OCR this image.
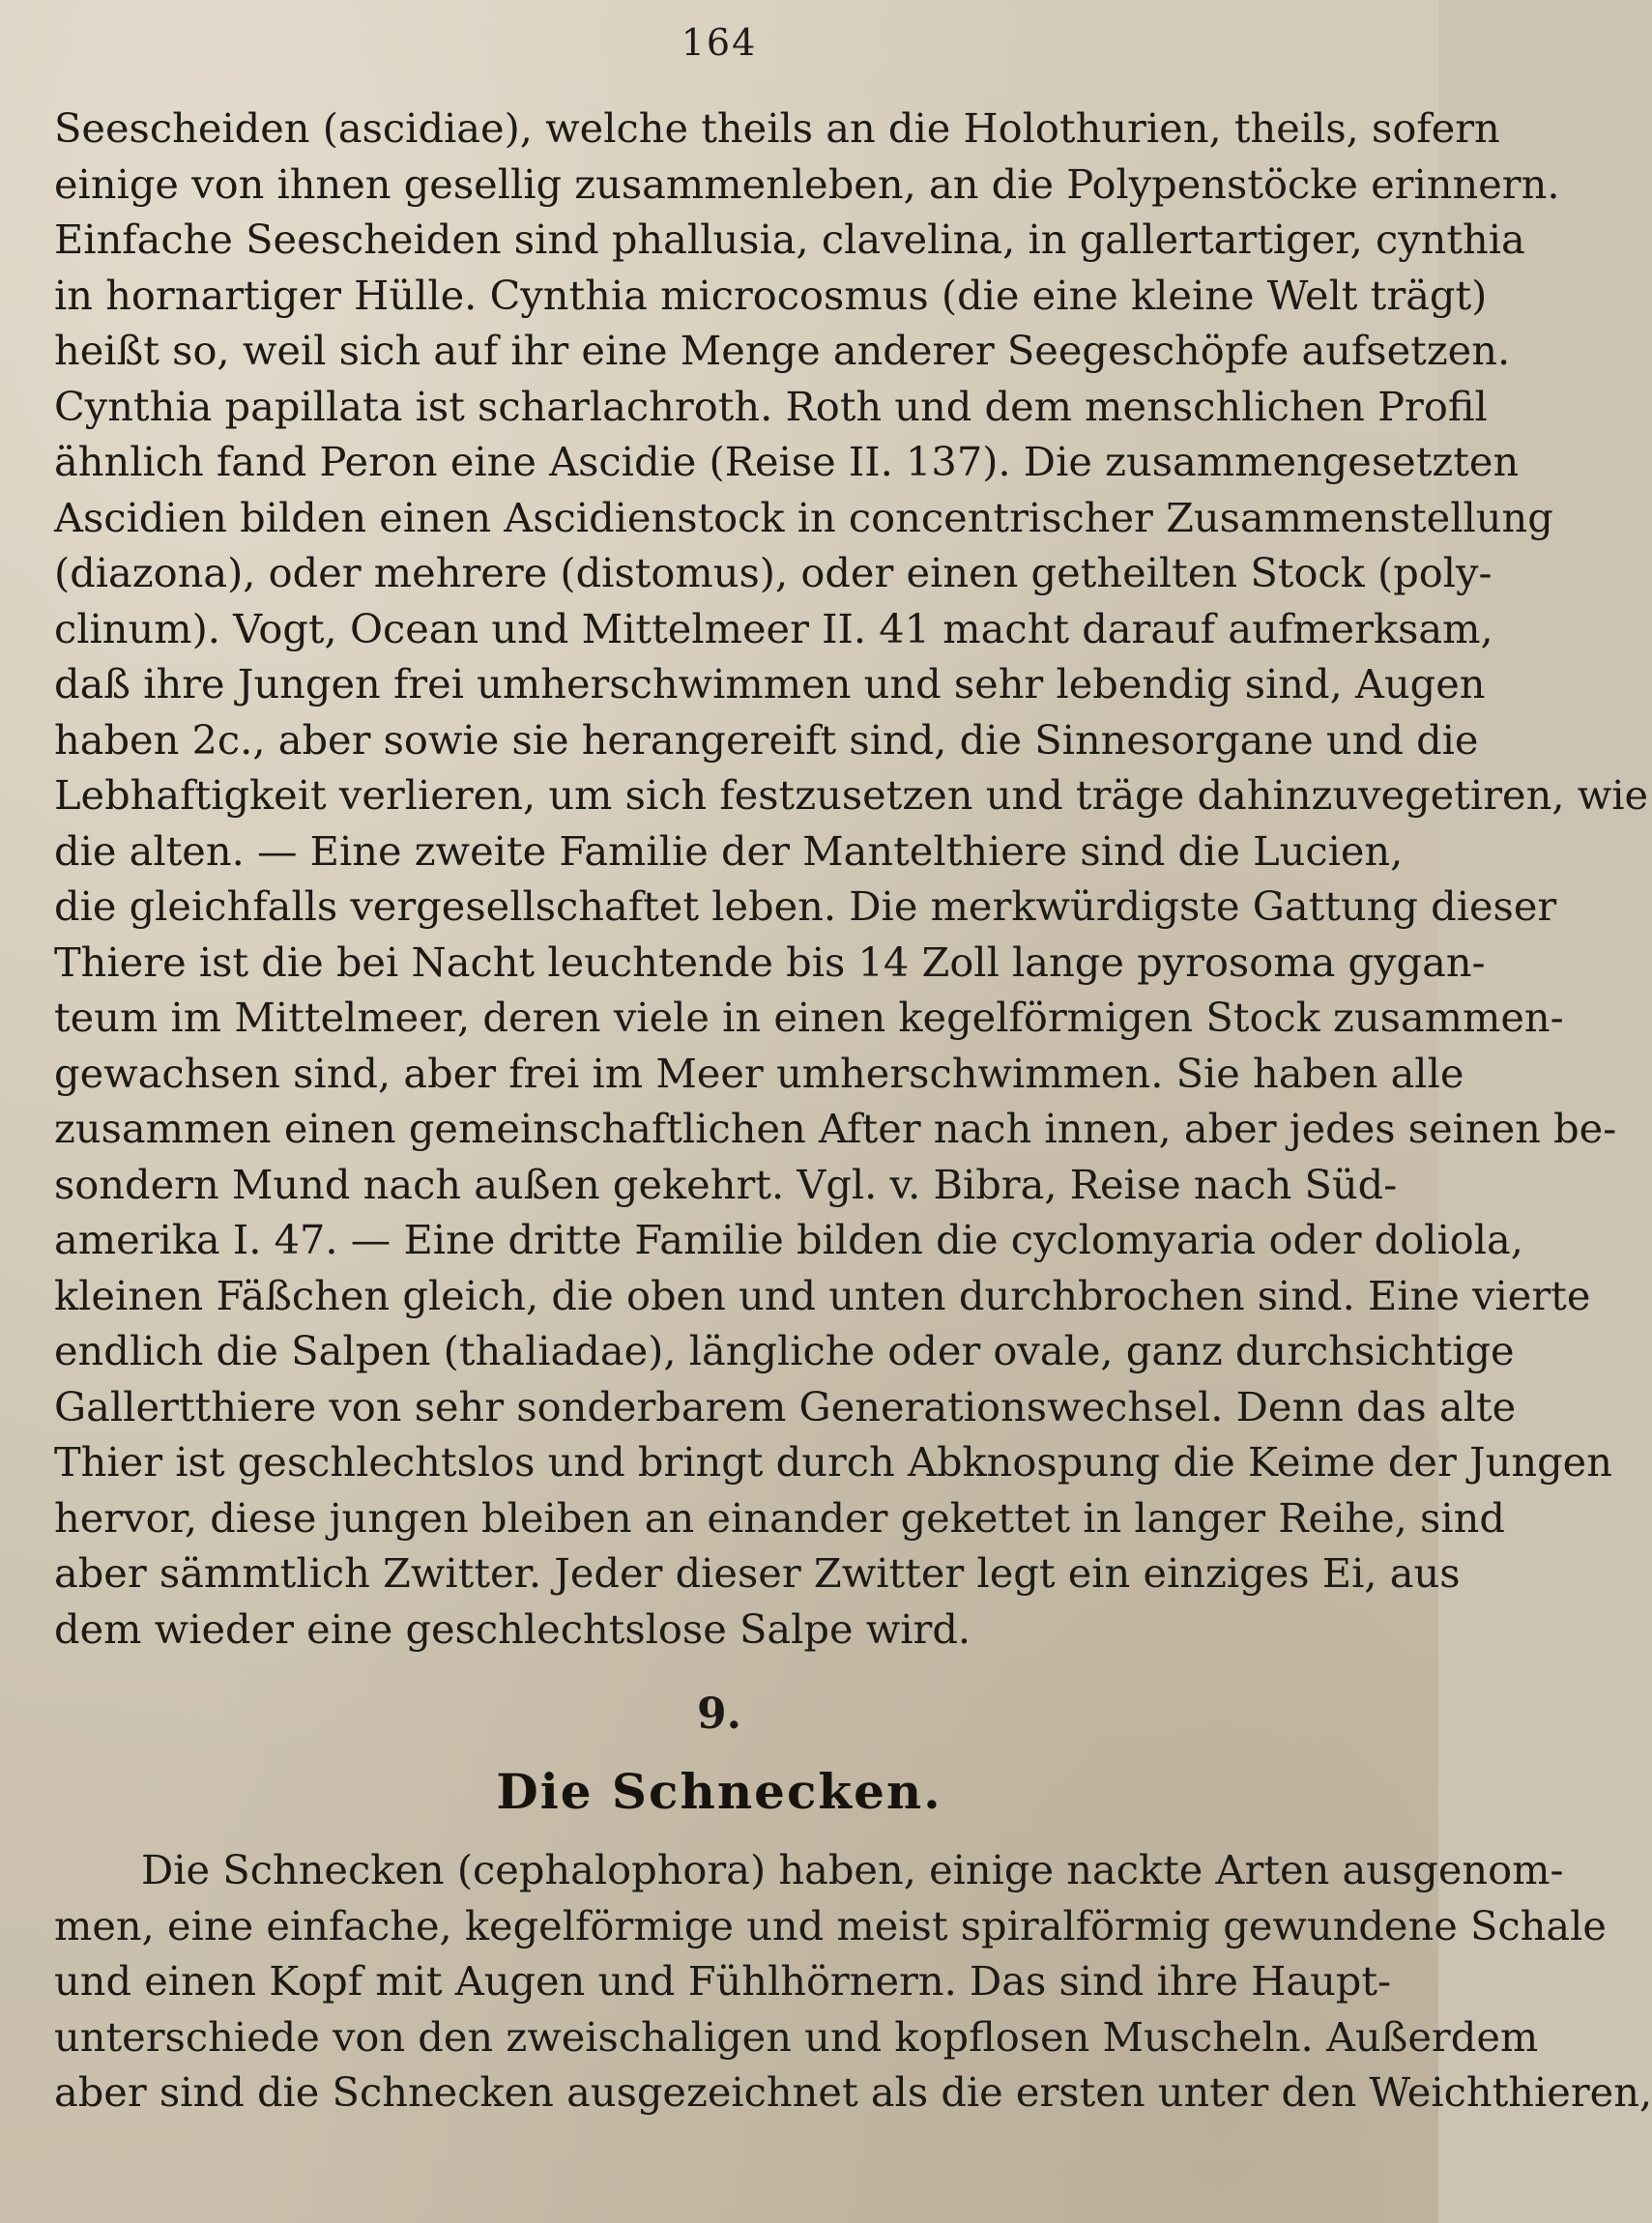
164
Seescheiden (ascidiae), welche theils an die Holothurien, theils, sofern
einige von ihnen gesellig zusammenleben, an die Polypenstöcke erinnern.
Einfache Seescheiden sind phallusia, clavelina, in gallertartiger, cynthia
in hornartiger Hülle. Cynthia microcosmus (die eine kleine Welt trägt)
heißt so, weil sich auf ihr eine Menge anderer Seegeschöpfe aufsetzen.
Cynthia papillata ist scharlachroth. Roth und dem menschlichen Profil
ähnlich fand Peron eine Ascidie (Reise II. 137). Die zusammengesetzten
Ascidien bilden einen Ascidienstock in concentrischer Zusammenstellung
(diazona), oder mehrere (distomus), oder einen getheilten Stock (poly-
clinum). Vogt, Ocean und Mittelmeer II. 41 macht darauf aufmerksam,
daß ihre Jungen frei umherschwimmen und sehr lebendig sind, Augen
haben 2c., aber sowie sie herangereift sind, die Sinnesorgane und die
Lebhaftigkeit verlieren, um sich festzusetzen und träge dahinzuvegetiren, wie
die alten. — Eine zweite Familie der Mantelthiere sind die Lucien,
die gleichfalls vergesellschaftet leben. Die merkwürdigste Gattung dieser
Thiere ist die bei Nacht leuchtende bis 14 Zoll lange pyrosoma gygan-
teum im Mittelmeer, deren viele in einen kegelförmigen Stock zusammen-
gewachsen sind, aber frei im Meer umherschwimmen. Sie haben alle
zusammen einen gemeinschaftlichen After nach innen, aber jedes seinen be-
sondern Mund nach außen gekehrt. Vgl. v. Bibra, Reise nach Süd-
amerika I. 47. — Eine dritte Familie bilden die cyclomyaria oder doliola,
kleinen Fäßchen gleich, die oben und unten durchbrochen sind. Eine vierte
endlich die Salpen (thaliadae), längliche oder ovale, ganz durchsichtige
Gallertthiere von sehr sonderbarem Generationswechsel. Denn das alte
Thier ist geschlechtslos und bringt durch Abknospung die Keime der Jungen
hervor, diese jungen bleiben an einander gekettet in langer Reihe, sind
aber sämmtlich Zwitter. Jeder dieser Zwitter legt ein einziges Ei, aus
dem wieder eine geschlechtslose Salpe wird.
9.
Die Schnecken.
Die Schnecken (cephalophora) haben, einige nackte Arten ausgenom-
men, eine einfache, kegelförmige und meist spiralförmig gewundene Schale
und einen Kopf mit Augen und Fühlhörnern. Das sind ihre Haupt-
unterschiede von den zweischaligen und kopflosen Muscheln. Außerdem
aber sind die Schnecken ausgezeichnet als die ersten unter den Weichthieren,
